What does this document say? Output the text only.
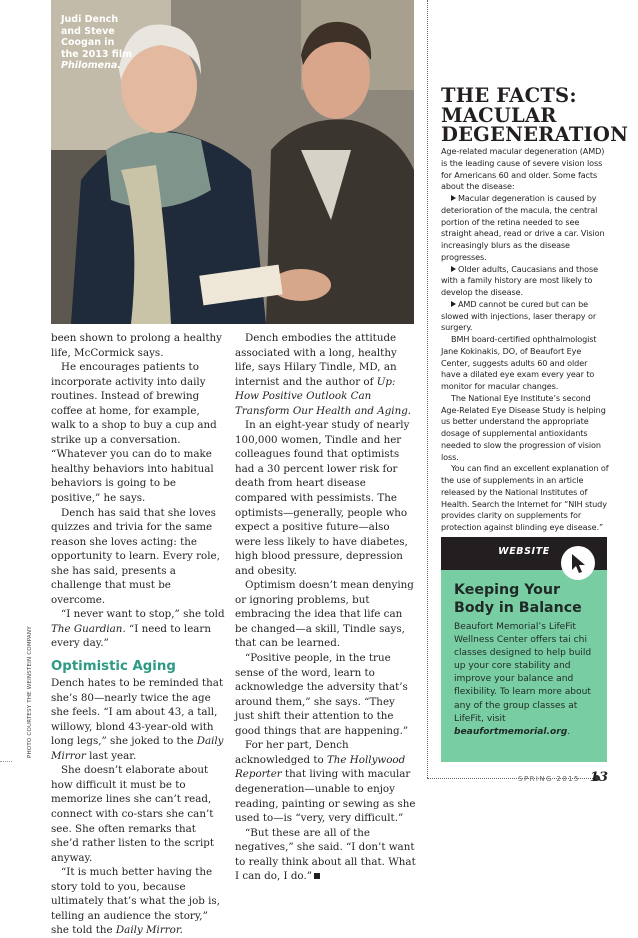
Judi Dench
and Steve
Coogan in
the 2013 film
Philomena.
PHOTO COURTESY THE WEINSTEIN COMPANY

been shown to prolong a healthy life, McCormick says.

He encourages patients to incorporate activity into daily routines. Instead of brewing coffee at home, for example, walk to a shop to buy a cup and strike up a conversation. “Whatever you can do to make healthy behaviors into habitual behaviors is going to be positive,” he says.

Dench has said that she loves quizzes and trivia for the same reason she loves acting: the opportunity to learn. Every role, she has said, presents a challenge that must be overcome.

“I never want to stop,” she told The Guardian. “I need to learn every day.”

Optimistic Aging

Dench hates to be reminded that she’s 80—nearly twice the age she feels. “I am about 43, a tall, willowy, blond 43-year-old with long legs,” she joked to the Daily Mirror last year.

She doesn’t elaborate about how difficult it must be to memorize lines she can’t read, connect with co-stars she can’t see. She often remarks that she’d rather listen to the script anyway.

“It is much better having the story told to you, because ultimately that’s what the job is, telling an audience the story,” she told the Daily Mirror.

Dench embodies the attitude associated with a long, healthy life, says Hilary Tindle, MD, an internist and the author of Up: How Positive Outlook Can Transform Our Health and Aging.

In an eight-year study of nearly 100,000 women, Tindle and her colleagues found that optimists had a 30 percent lower risk for death from heart disease compared with pessimists. The optimists—generally, people who expect a positive future—also were less likely to have diabetes, high blood pressure, depression and obesity.

Optimism doesn’t mean denying or ignoring problems, but embracing the idea that life can be changed—a skill, Tindle says, that can be learned.

“Positive people, in the true sense of the word, learn to acknowledge the adversity that’s around them,” she says. “They just shift their attention to the good things that are happening.”

For her part, Dench acknowledged to The Hollywood Reporter that living with macular degeneration—unable to enjoy reading, painting or sewing as she used to—is “very, very difficult.”

“But these are all of the negatives,” she said. “I don’t want to really think about all that. What I can do, I do.”

THE FACTS:
MACULAR
DEGENERATION

Age-related macular degeneration (AMD) is the leading cause of severe vision loss for Americans 60 and older. Some facts about the disease:

Macular degeneration is caused by deterioration of the macula, the central portion of the retina needed to see straight ahead, read or drive a car. Vision increasingly blurs as the disease progresses.

Older adults, Caucasians and those with a family history are most likely to develop the disease.

AMD cannot be cured but can be slowed with injections, laser therapy or surgery.

BMH board-certified ophthalmologist Jane Kokinakis, DO, of Beaufort Eye Center, suggests adults 60 and older have a dilated eye exam every year to monitor for macular changes.

The National Eye Institute’s second Age-Related Eye Disease Study is helping us better understand the appropriate dosage of supplemental antioxidants needed to slow the progression of vision loss.

You can find an excellent explanation of the use of supplements in an article released by the National Institutes of Health. Search the Internet for “NIH study provides clarity on supplements for protection against blinding eye disease.”

WEBSITE
Keeping Your Body in Balance
Beaufort Memorial’s LifeFit Wellness Center offers tai chi classes designed to help build up your core stability and improve your balance and flexibility. To learn more about any of the group classes at LifeFit, visit beaufortmemorial.org.
SPRING 2015 13
